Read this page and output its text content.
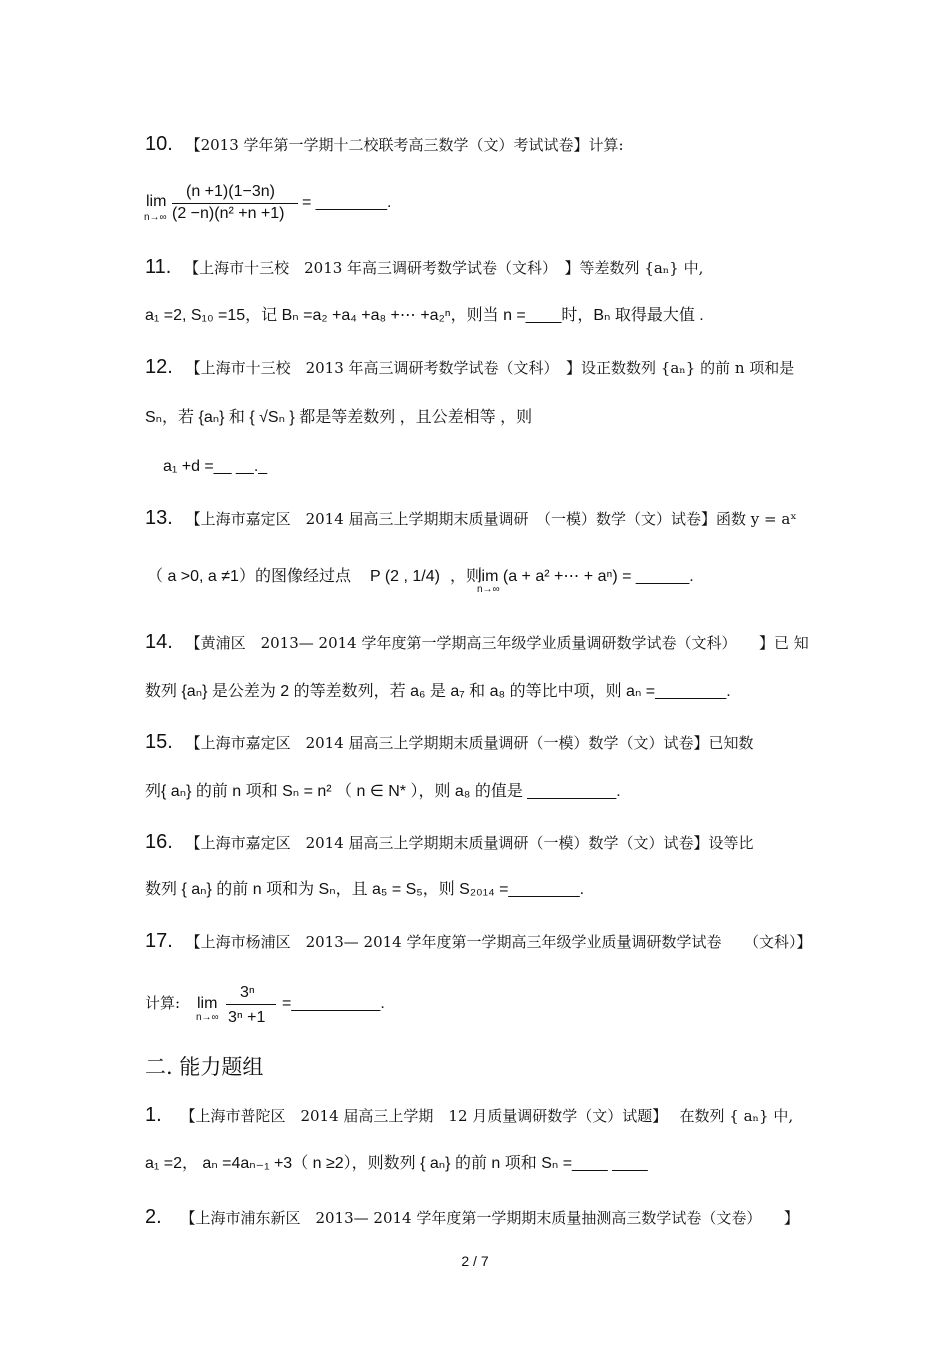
10. 【2013 学年第一学期十二校联考高三数学（文）考试试卷】计算:
lim
n→∞
(n +1)(1−3n)
(2 −n)(n² +n +1)
= ________.
11. 【上海市十三校　2013 年高三调研考数学试卷（文科）　】等差数列 {aₙ} 中,
a₁ =2, S₁₀ =15，记 Bₙ =a₂ +a₄ +a₈ +⋯ +a₂ⁿ，则当 n =____时，Bₙ 取得最大值 .
12. 【上海市十三校　2013 年高三调研考数学试卷（文科）　】设正数数列 {aₙ} 的前 n 项和是
Sₙ，若 {aₙ} 和 { √Sₙ } 都是等差数列 ，且公差相等 ，则
a₁ +d =__ __._
13. 【上海市嘉定区　2014 届高三上学期期末质量调研　（一模）数学（文）试卷】函数 y = aˣ
（ a >0, a ≠1）的图像经过点 P (2 , 1/4) ，则
lim (a + a² +⋯ + aⁿ) = ______.
n→∞
14. 【黄浦区　2013— 2014 学年度第一学期高三年级学业质量调研数学试卷（文科）　　】已 知
数列 {aₙ} 是公差为 2 的等差数列，若 a₆ 是 a₇ 和 a₈ 的等比中项，则 aₙ =________.
15. 【上海市嘉定区　2014 届高三上学期期末质量调研（一模）数学（文）试卷】已知数
列{ aₙ} 的前 n 项和 Sₙ = n² （ n ∈ N* ），则 a₈ 的值是 __________.
16. 【上海市嘉定区　2014 届高三上学期期末质量调研（一模）数学（文）试卷】设等比
数列 { aₙ} 的前 n 项和为 Sₙ，且 a₅ = S₅，则 S₂₀₁₄ =________.
17. 【上海市杨浦区　2013— 2014 学年度第一学期高三年级学业质量调研数学试卷　　（文科）】
计算: lim
n→∞
3ⁿ
3ⁿ +1
=__________.
二. 能力题组
1. 【上海市普陀区　2014 届高三上学期　12 月质量调研数学（文）试题】　 在数列 { aₙ} 中,
a₁ =2， aₙ =4aₙ₋₁ +3（ n ≥2），则数列 { aₙ} 的前 n 项和 Sₙ =____ ____
2. 【上海市浦东新区　2013— 2014 学年度第一学期期末质量抽测高三数学试卷（文卷）　　】
2 / 7
